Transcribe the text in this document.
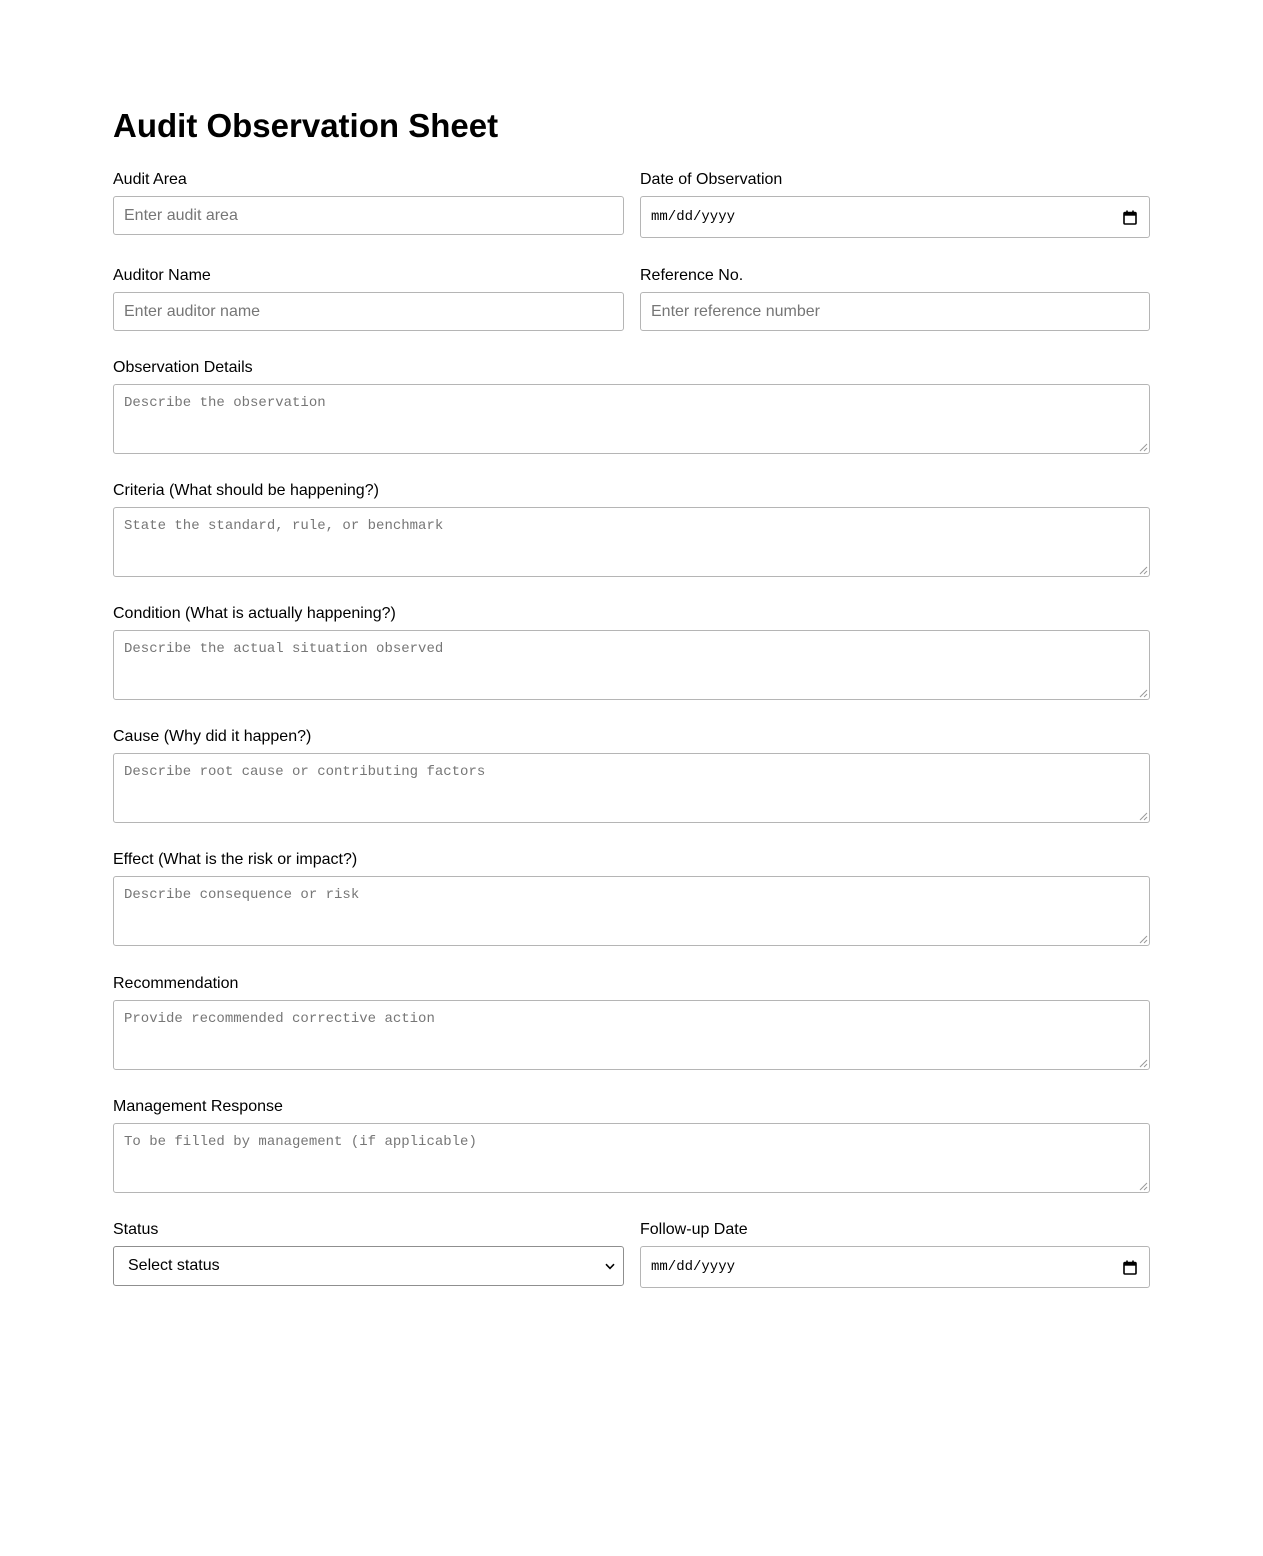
Audit Observation Sheet
Audit Area
Enter audit area	Date of Observation
mm/dd/yyyy
Auditor Name
Enter auditor name	Reference No.
Enter reference number
Observation Details
Describe the observation
Criteria (What should be happening?)
State the standard, rule, or benchmark
Condition (What is actually happening?)
Describe the actual situation observed
Cause (Why did it happen?)
Describe root cause or contributing factors
Effect (What is the risk or impact?)
Describe consequence or risk
Recommendation
Provide recommended corrective action
Management Response
To be filled by management (if applicable)
Status
Select status
Follow-up Date
mm/dd/yyyy
